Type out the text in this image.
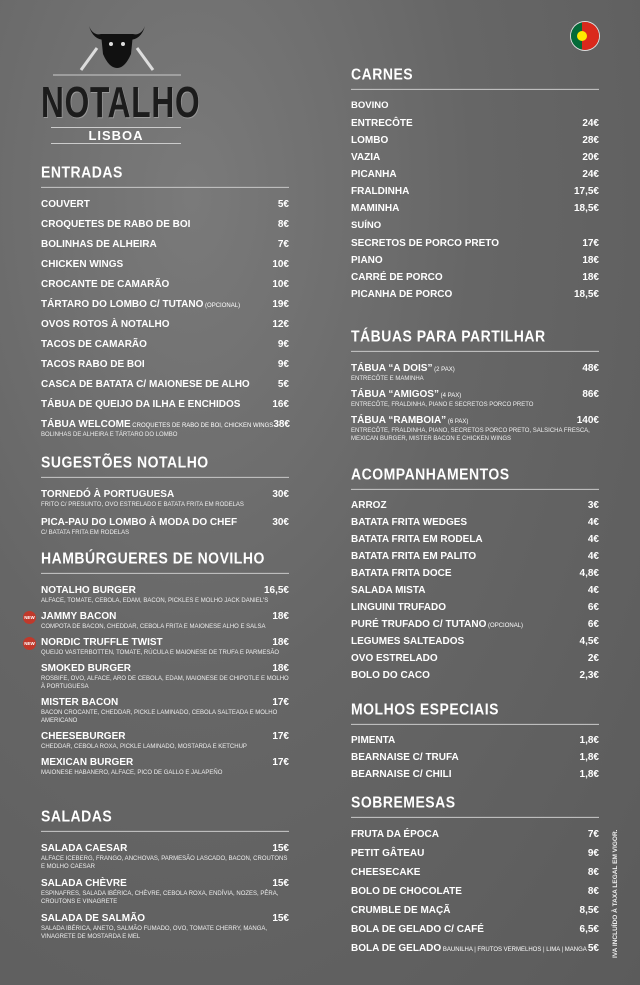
NOTALHO
LISBOA
ENTRADAS
COUVERT	5€
CROQUETES DE RABO DE BOI	8€
BOLINHAS DE ALHEIRA	7€
CHICKEN WINGS	10€
CROCANTE DE CAMARÃO	10€
TÁRTARO DO LOMBO C/ TUTANO (OPCIONAL)	19€
OVOS ROTOS À NOTALHO	12€
TACOS DE CAMARÃO	9€
TACOS RABO DE BOI	9€
CASCA DE BATATA C/ MAIONESE DE ALHO	5€
TÁBUA DE QUEIJO DA ILHA E ENCHIDOS	16€
TÁBUA WELCOME CROQUETES DE RABO DE BOI, CHICKEN WINGS 38€
BOLINHAS DE ALHEIRA E TÁRTARO DO LOMBO
SUGESTÕES NOTALHO
TORNEDÓ À PORTUGUESA	30€
FRITO C/ PRESUNTO, OVO ESTRELADO E BATATA FRITA EM RODELAS
PICA-PAU DO LOMBO À MODA DO CHEF	30€
C/ BATATA FRITA EM RODELAS
HAMBÚRGUERES DE NOVILHO
NOTALHO BURGER	16,5€
ALFACE, TOMATE, CEBOLA, EDAM, BACON, PICKLES E MOLHO JACK DANIEL'S
NEW JAMMY BACON	18€
COMPOTA DE BACON, CHEDDAR, CEBOLA FRITA E MAIONESE ALHO E SALSA
NEW NORDIC TRUFFLE TWIST	18€
QUEIJO VASTERBOTTEN, TOMATE, RÚCULA E MAIONESE DE TRUFA E PARMESÃO
SMOKED BURGER	18€
ROSBIFE, OVO, ALFACE, ARO DE CEBOLA, EDAM, MAIONESE DE CHIPOTLE E MOLHO À PORTUGUESA
MISTER BACON	17€
BACON CROCANTE, CHEDDAR, PICKLE LAMINADO, CEBOLA SALTEADA E MOLHO AMERICANO
CHEESEBURGER	17€
CHEDDAR, CEBOLA ROXA, PICKLE LAMINADO, MOSTARDA E KETCHUP
MEXICAN BURGER	17€
MAIONESE HABANERO, ALFACE, PICO DE GALLO E JALAPEÑO
SALADAS
SALADA CAESAR	15€
ALFACE ICEBERG, FRANGO, ANCHOVAS, PARMESÃO LASCADO, BACON, CROUTONS E MOLHO CAESAR
SALADA CHÈVRE	15€
ESPINAFRES, SALADA IBÉRICA, CHÈVRE, CEBOLA ROXA, ENDÍVIA, NOZES, PÊRA, CROUTONS E VINAGRETE
SALADA DE SALMÃO	15€
SALADA IBÉRICA, ANETO, SALMÃO FUMADO, OVO, TOMATE CHERRY, MANGA, VINAGRETE DE MOSTARDA E MEL
CARNES
BOVINO
ENTRECÔTE	24€
LOMBO	28€
VAZIA	20€
PICANHA	24€
FRALDINHA	17,5€
MAMINHA	18,5€
SUÍNO
SECRETOS DE PORCO PRETO	17€
PIANO	18€
CARRÉ DE PORCO	18€
PICANHA DE PORCO	18,5€
TÁBUAS PARA PARTILHAR
TÁBUA “A DOIS” (2 PAX)	48€
ENTRECÔTE E MAMINHA
TÁBUA “AMIGOS” (4 PAX)	86€
ENTRECÔTE, FRALDINHA, PIANO E SECRETOS PORCO PRETO
TÁBUA “RAMBOIA” (6 PAX)	140€
ENTRECÔTE, FRALDINHA, PIANO, SECRETOS PORCO PRETO, SALSICHA FRESCA, MEXICAN BURGER, MISTER BACON E CHICKEN WINGS
ACOMPANHAMENTOS
ARROZ	3€
BATATA FRITA WEDGES	4€
BATATA FRITA EM RODELA	4€
BATATA FRITA EM PALITO	4€
BATATA FRITA DOCE	4,8€
SALADA MISTA	4€
LINGUINI TRUFADO	6€
PURÉ TRUFADO C/ TUTANO (OPCIONAL)	6€
LEGUMES SALTEADOS	4,5€
OVO ESTRELADO	2€
BOLO DO CACO	2,3€
MOLHOS ESPECIAIS
PIMENTA	1,8€
BEARNAISE C/ TRUFA	1,8€
BEARNAISE C/ CHILI	1,8€
SOBREMESAS
FRUTA DA ÉPOCA	7€
PETIT GÂTEAU	9€
CHEESECAKE	8€
BOLO DE CHOCOLATE	8€
CRUMBLE DE MAÇÃ	8,5€
BOLA DE GELADO C/ CAFÉ	6,5€
BOLA DE GELADO BAUNILHA | FRUTOS VERMELHOS | LIMA | MANGA 5€ IVA INCLUÍDO À TAXA LEGAL EM VIGOR.
